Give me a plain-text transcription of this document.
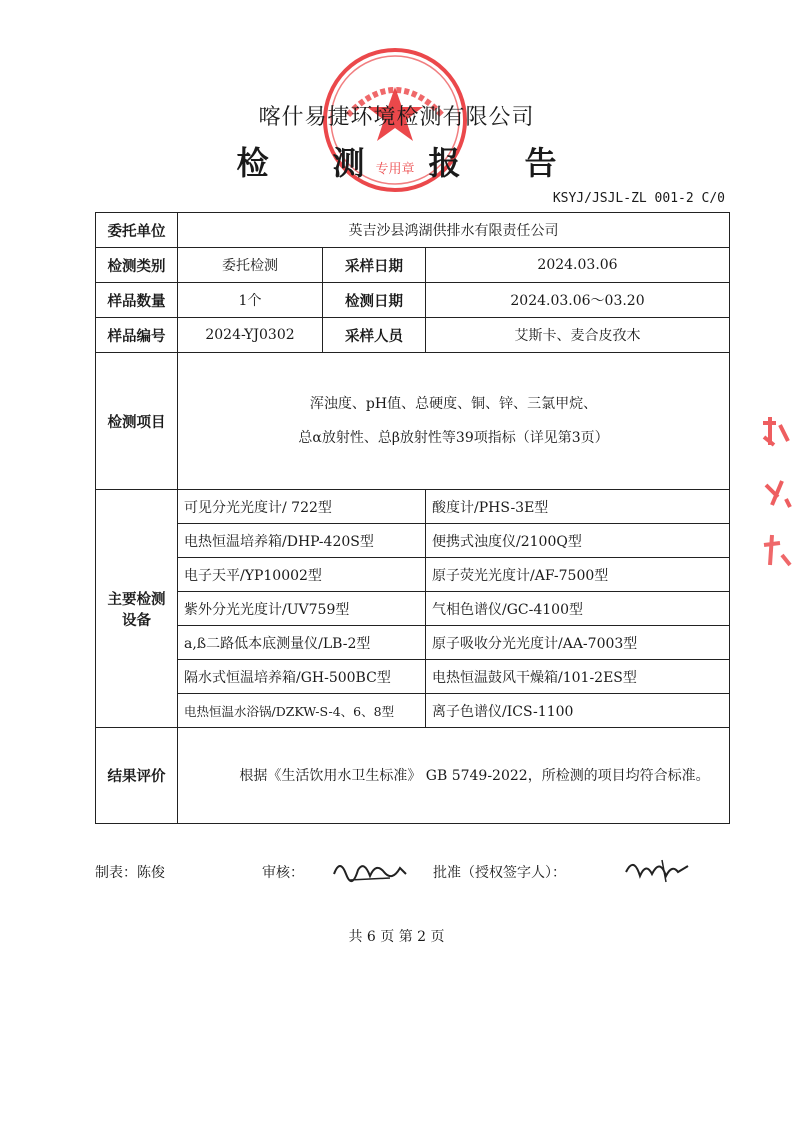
专用章
喀什易捷环境检测有限公司
检 测 报 告
KSYJ/JSJL-ZL 001-2 C/0
委托单位	英吉沙县鸿湖供排水有限责任公司		
检测类别	委托检测	采样日期	2024.03.06
样品数量	1个	检测日期	2024.03.06～03.20
样品编号	2024-YJ0302	采样人员	艾斯卡、麦合皮孜木
检测项目	浑浊度、pH值、总硬度、铜、锌、三氯甲烷、
总α放射性、总β放射性等39项指标（详见第3页）		

主要检测
设备	可见分光光度计/ 722型		酸度计/PHS-3E型
	电热恒温培养箱/DHP-420S型		便携式浊度仪/2100Q型
	电子天平/YP10002型		原子荧光光度计/AF-7500型
	紫外分光光度计/UV759型		气相色谱仪/GC-4100型
	a,ß二路低本底测量仪/LB-2型		原子吸收分光光度计/AA-7003型
	隔水式恒温培养箱/GH-500BC型		电热恒温鼓风干燥箱/101-2ES型
	电热恒温水浴锅/DZKW-S-4、6、8型		离子色谱仪/ICS-1100
结果评价	根据《生活饮用水卫生标准》 GB 5749-2022，所检测的项目均符合标准。		
制表：陈俊	审核：	批准（授权签字人）：
共 6 页 第 2 页
